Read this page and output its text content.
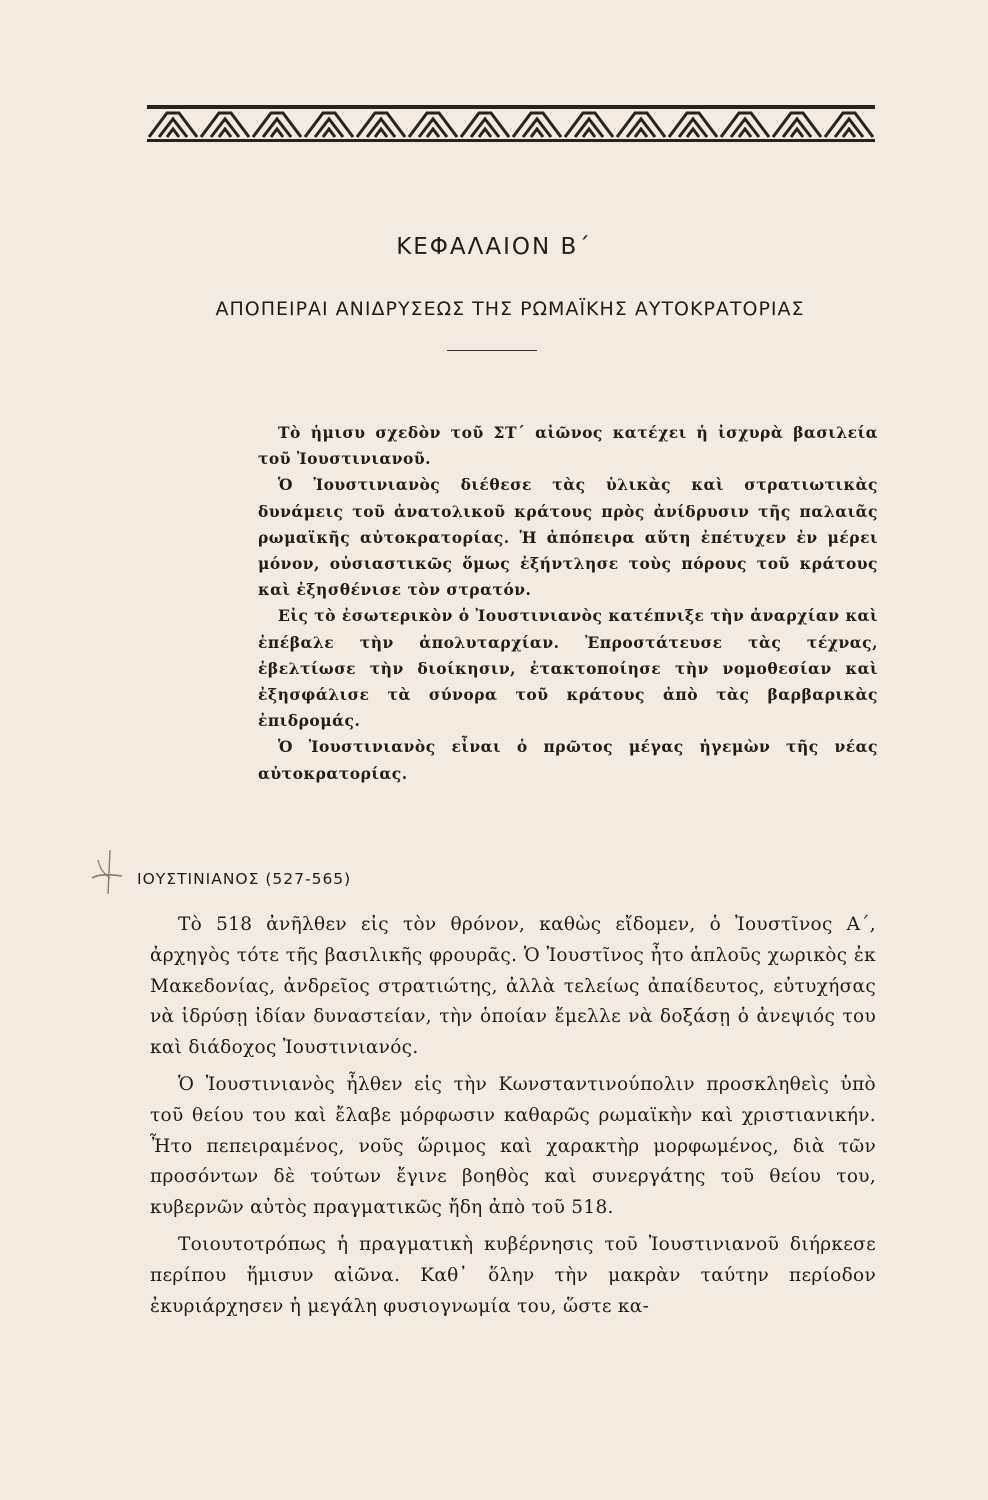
ΚΕΦΑΛΑΙΟΝ Β΄
ΑΠΟΠΕΙΡΑΙ ΑΝΙΔΡΥΣΕΩΣ ΤΗΣ ΡΩΜΑΪΚΗΣ ΑΥΤΟΚΡΑΤΟΡΙΑΣ

Τὸ ἡμισυ σχεδὸν τοῦ ΣΤ΄ αἰῶνος κατέχει ἡ ἰσχυρὰ βασιλεία τοῦ Ἰουστινιανοῦ.

Ὁ Ἰουστινιανὸς διέθεσε τὰς ὑλικὰς καὶ στρατιωτικὰς δυνάμεις τοῦ ἀνατολικοῦ κράτους πρὸς ἀνίδρυσιν τῆς παλαιᾶς ρωμαϊκῆς αὐτοκρατορίας. Ἡ ἀπόπειρα αὕτη ἐπέτυχεν ἐν μέρει μόνον, οὐσιαστικῶς ὅμως ἐξήντλησε τοὺς πόρους τοῦ κράτους καὶ ἐξησθένισε τὸν στρατόν.

Εἰς τὸ ἐσωτερικὸν ὁ Ἰουστινιανὸς κατέπνιξε τὴν ἀναρχίαν καὶ ἐπέβαλε τὴν ἀπολυταρχίαν. Ἐπροστάτευσε τὰς τέχνας, ἐβελτίωσε τὴν διοίκησιν, ἐτακτοποίησε τὴν νομοθεσίαν καὶ ἐξησφάλισε τὰ σύνορα τοῦ κράτους ἀπὸ τὰς βαρβαρικὰς ἐπιδρομάς.

Ὁ Ἰουστινιανὸς εἶναι ὁ πρῶτος μέγας ἡγεμὼν τῆς νέας αὐτοκρατορίας.

ΙΟΥΣΤΙΝΙΑΝΟΣ (527-565)

Τὸ 518 ἀνῆλθεν εἰς τὸν θρόνον, καθὼς εἴδομεν, ὁ Ἰουστῖνος Α΄, ἀρχηγὸς τότε τῆς βασιλικῆς φρουρᾶς. Ὁ Ἰουστῖνος ἦτο ἁπλοῦς χωρικὸς ἐκ Μακεδονίας, ἀνδρεῖος στρατιώτης, ἀλλὰ τελείως ἀπαίδευτος, εὐτυχήσας νὰ ἱδρύσῃ ἰδίαν δυναστείαν, τὴν ὁποίαν ἔμελλε νὰ δοξάσῃ ὁ ἀνεψιός του καὶ διάδοχος Ἰουστινιανός.

Ὁ Ἰουστινιανὸς ἦλθεν εἰς τὴν Κωνσταντινούπολιν προσκληθεὶς ὑπὸ τοῦ θείου του καὶ ἔλαβε μόρφωσιν καθαρῶς ρωμαϊκὴν καὶ χριστιανικήν. Ἦτο πεπειραμένος, νοῦς ὥριμος καὶ χαρακτὴρ μορφωμένος, διὰ τῶν προσόντων δὲ τούτων ἔγινε βοηθὸς καὶ συνεργάτης τοῦ θείου του, κυβερνῶν αὐτὸς πραγματικῶς ἤδη ἀπὸ τοῦ 518.

Τοιουτοτρόπως ἡ πραγματικὴ κυβέρνησις τοῦ Ἰουστινιανοῦ διήρκεσε περίπου ἥμισυν αἰῶνα. Καθ᾿ ὅλην τὴν μακρὰν ταύτην περίοδον ἐκυριάρχησεν ἡ μεγάλη φυσιογνωμία του, ὥστε κα-
